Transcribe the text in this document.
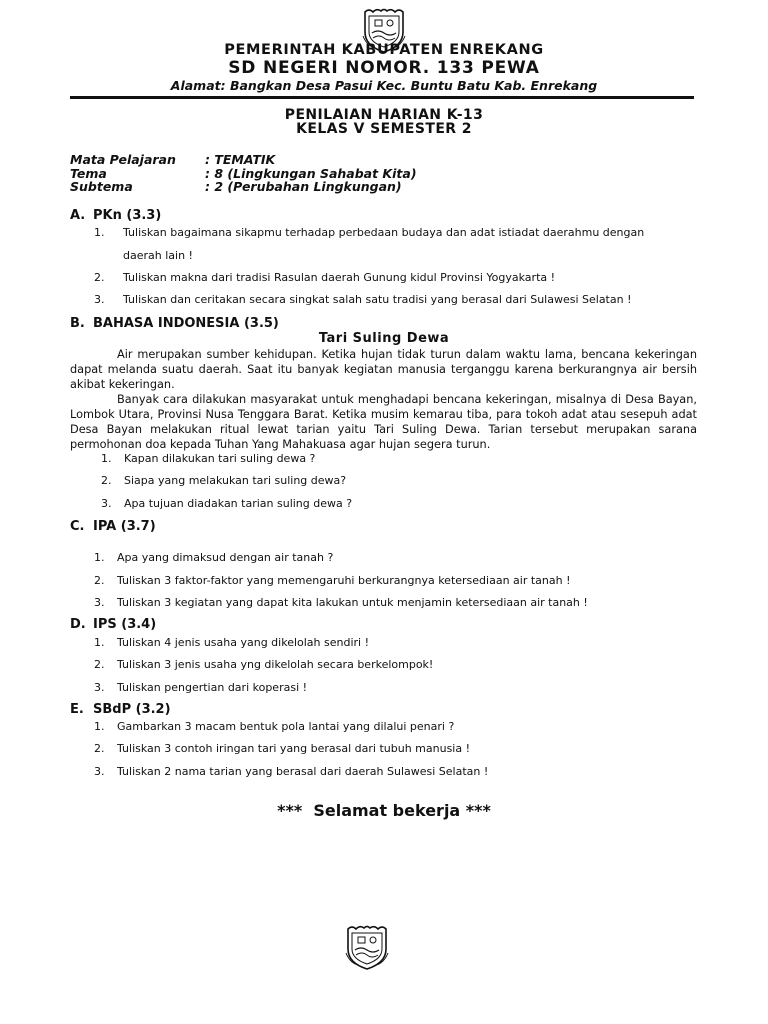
PEMERINTAH KABUPATEN ENREKANG
SD NEGERI NOMOR. 133 PEWA
Alamat: Bangkan Desa Pasui Kec. Buntu Batu Kab. Enrekang
PENILAIAN HARIAN K-13
KELAS V SEMESTER 2
Mata Pelajaran	: TEMATIK
Tema	: 8 (Lingkungan Sahabat Kita)
Subtema	: 2 (Perubahan Lingkungan)
A. PKn (3.3)
1. Tuliskan bagaimana sikapmu terhadap perbedaan budaya dan adat istiadat daerahmu dengan
daerah lain !
2. Tuliskan makna dari tradisi Rasulan daerah Gunung kidul Provinsi Yogyakarta !
3. Tuliskan dan ceritakan secara singkat salah satu tradisi yang berasal dari Sulawesi Selatan !
B. BAHASA INDONESIA (3.5)
Tari Suling Dewa
Air merupakan sumber kehidupan. Ketika hujan tidak turun dalam waktu lama, bencana kekeringan dapat melanda suatu daerah. Saat itu banyak kegiatan manusia terganggu karena berkurangnya air bersih akibat kekeringan.
Banyak cara dilakukan masyarakat untuk menghadapi bencana kekeringan, misalnya di Desa Bayan, Lombok Utara, Provinsi Nusa Tenggara Barat. Ketika musim kemarau tiba, para tokoh adat atau sesepuh adat Desa Bayan melakukan ritual lewat tarian yaitu Tari Suling Dewa. Tarian tersebut merupakan sarana permohonan doa kepada Tuhan Yang Mahakuasa agar hujan segera turun.
1. Kapan dilakukan tari suling dewa ?
2. Siapa yang melakukan tari suling dewa?
3. Apa tujuan diadakan tarian suling dewa ?
C. IPA (3.7)
1. Apa yang dimaksud dengan air tanah ?
2. Tuliskan 3 faktor-faktor yang memengaruhi berkurangnya ketersediaan air tanah !
3. Tuliskan 3 kegiatan yang dapat kita lakukan untuk menjamin ketersediaan air tanah !
D. IPS (3.4)
1. Tuliskan 4 jenis usaha yang dikelolah sendiri !
2. Tuliskan 3 jenis usaha yng dikelolah secara berkelompok!
3. Tuliskan pengertian dari koperasi !
E. SBdP (3.2)
1. Gambarkan 3 macam bentuk pola lantai yang dilalui penari ?
2. Tuliskan 3 contoh iringan tari yang berasal dari tubuh manusia !
3. Tuliskan 2 nama tarian yang berasal dari daerah Sulawesi Selatan !
***  Selamat bekerja ***
